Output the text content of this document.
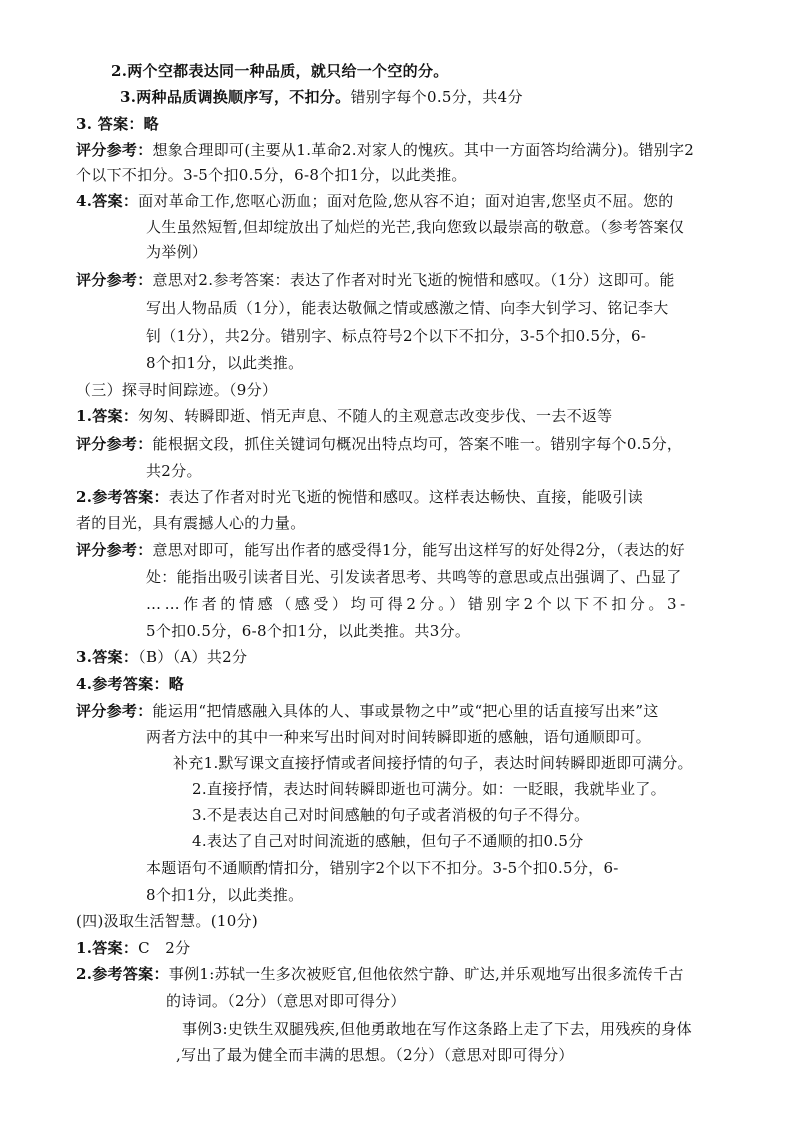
2.两个空都表达同一种品质，就只给一个空的分。
3.两种品质调换顺序写，不扣分。错别字每个0.5分，共4分
3. 答案：略
评分参考：想象合理即可(主要从1.革命2.对家人的愧疚。其中一方面答均给满分)。错别字2
个以下不扣分。3-5个扣0.5分，6-8个扣1分，以此类推。
4.答案：面对革命工作,您呕心沥血；面对危险,您从容不迫；面对迫害,您坚贞不屈。您的
人生虽然短暂,但却绽放出了灿烂的光芒,我向您致以最崇高的敬意。（参考答案仅
为举例）
评分参考：意思对2.参考答案：表达了作者对时光飞逝的惋惜和感叹。（1分）这即可。能
写出人物品质（1分），能表达敬佩之情或感激之情、向李大钊学习、铭记李大
钊（1分），共2分。错别字、标点符号2个以下不扣分，3-5个扣0.5分，6-
8个扣1分，以此类推。
（三）探寻时间踪迹。（9分）
1.答案：匆匆、转瞬即逝、悄无声息、不随人的主观意志改变步伐、一去不返等
评分参考：能根据文段，抓住关键词句概况出特点均可，答案不唯一。错别字每个0.5分，
共2分。
2.参考答案：表达了作者对时光飞逝的惋惜和感叹。这样表达畅快、直接，能吸引读
者的目光，具有震撼人心的力量。
评分参考：意思对即可，能写出作者的感受得1分，能写出这样写的好处得2分，（表达的好
处：能指出吸引读者目光、引发读者思考、共鸣等的意思或点出强调了、凸显了
……作者的情感（感受）均可得2分。）错别字2个以下不扣分。3-
5个扣0.5分，6-8个扣1分，以此类推。共3分。
3.答案：（B）（A）共2分
4.参考答案：略
评分参考：能运用“把情感融入具体的人、事或景物之中”或“把心里的话直接写出来”这
两者方法中的其中一种来写出时间对时间转瞬即逝的感触，语句通顺即可。
补充1.默写课文直接抒情或者间接抒情的句子，表达时间转瞬即逝即可满分。
2.直接抒情，表达时间转瞬即逝也可满分。如：一眨眼，我就毕业了。
3.不是表达自己对时间感触的句子或者消极的句子不得分。
4.表达了自己对时间流逝的感触，但句子不通顺的扣0.5分
本题语句不通顺酌情扣分，错别字2个以下不扣分。3-5个扣0.5分，6-
8个扣1分，以此类推。
(四)汲取生活智慧。(10分)
1.答案：C　2分
2.参考答案：事例1:苏轼一生多次被贬官,但他依然宁静、旷达,并乐观地写出很多流传千古
的诗词。（2分）（意思对即可得分）
事例3:史铁生双腿残疾,但他勇敢地在写作这条路上走了下去，用残疾的身体
,写出了最为健全而丰满的思想。（2分）（意思对即可得分）
